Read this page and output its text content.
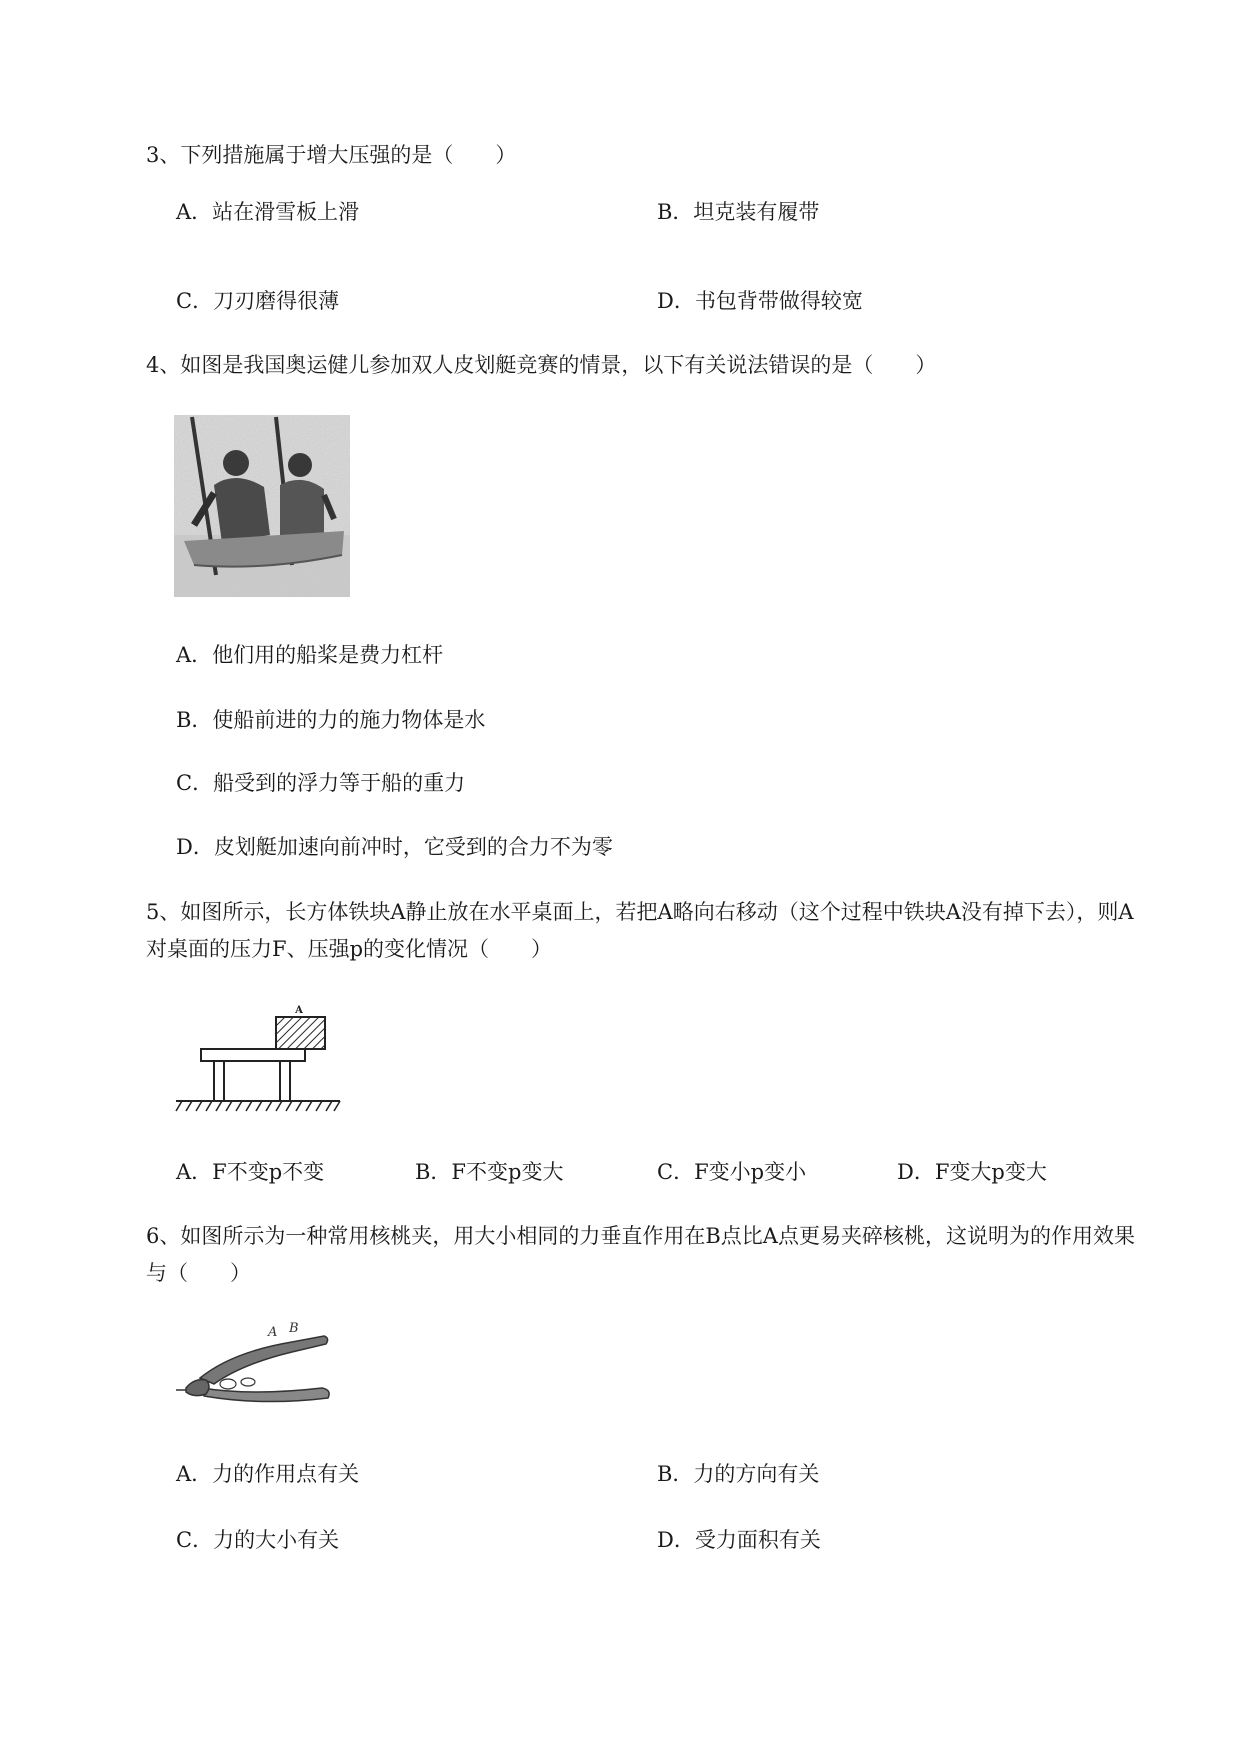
3、下列措施属于增大压强的是（　　）
A．站在滑雪板上滑	B．坦克装有履带
C．刀刃磨得很薄	D．书包背带做得较宽
4、如图是我国奥运健儿参加双人皮划艇竞赛的情景，以下有关说法错误的是（　　）
A．他们用的船桨是费力杠杆
B．使船前进的力的施力物体是水
C．船受到的浮力等于船的重力
D．皮划艇加速向前冲时，它受到的合力不为零
5、如图所示，长方体铁块A静止放在水平桌面上，若把A略向右移动（这个过程中铁块A没有掉下去），则A对桌面的压力F、压强p的变化情况（　　）
A
A．F不变p不变	B．F不变p变大	C．F变小p变小	D．F变大p变大
6、如图所示为一种常用核桃夹，用大小相同的力垂直作用在B点比A点更易夹碎核桃，这说明为的作用效果与（　　）
A B
A．力的作用点有关	B．力的方向有关
C．力的大小有关	D．受力面积有关
